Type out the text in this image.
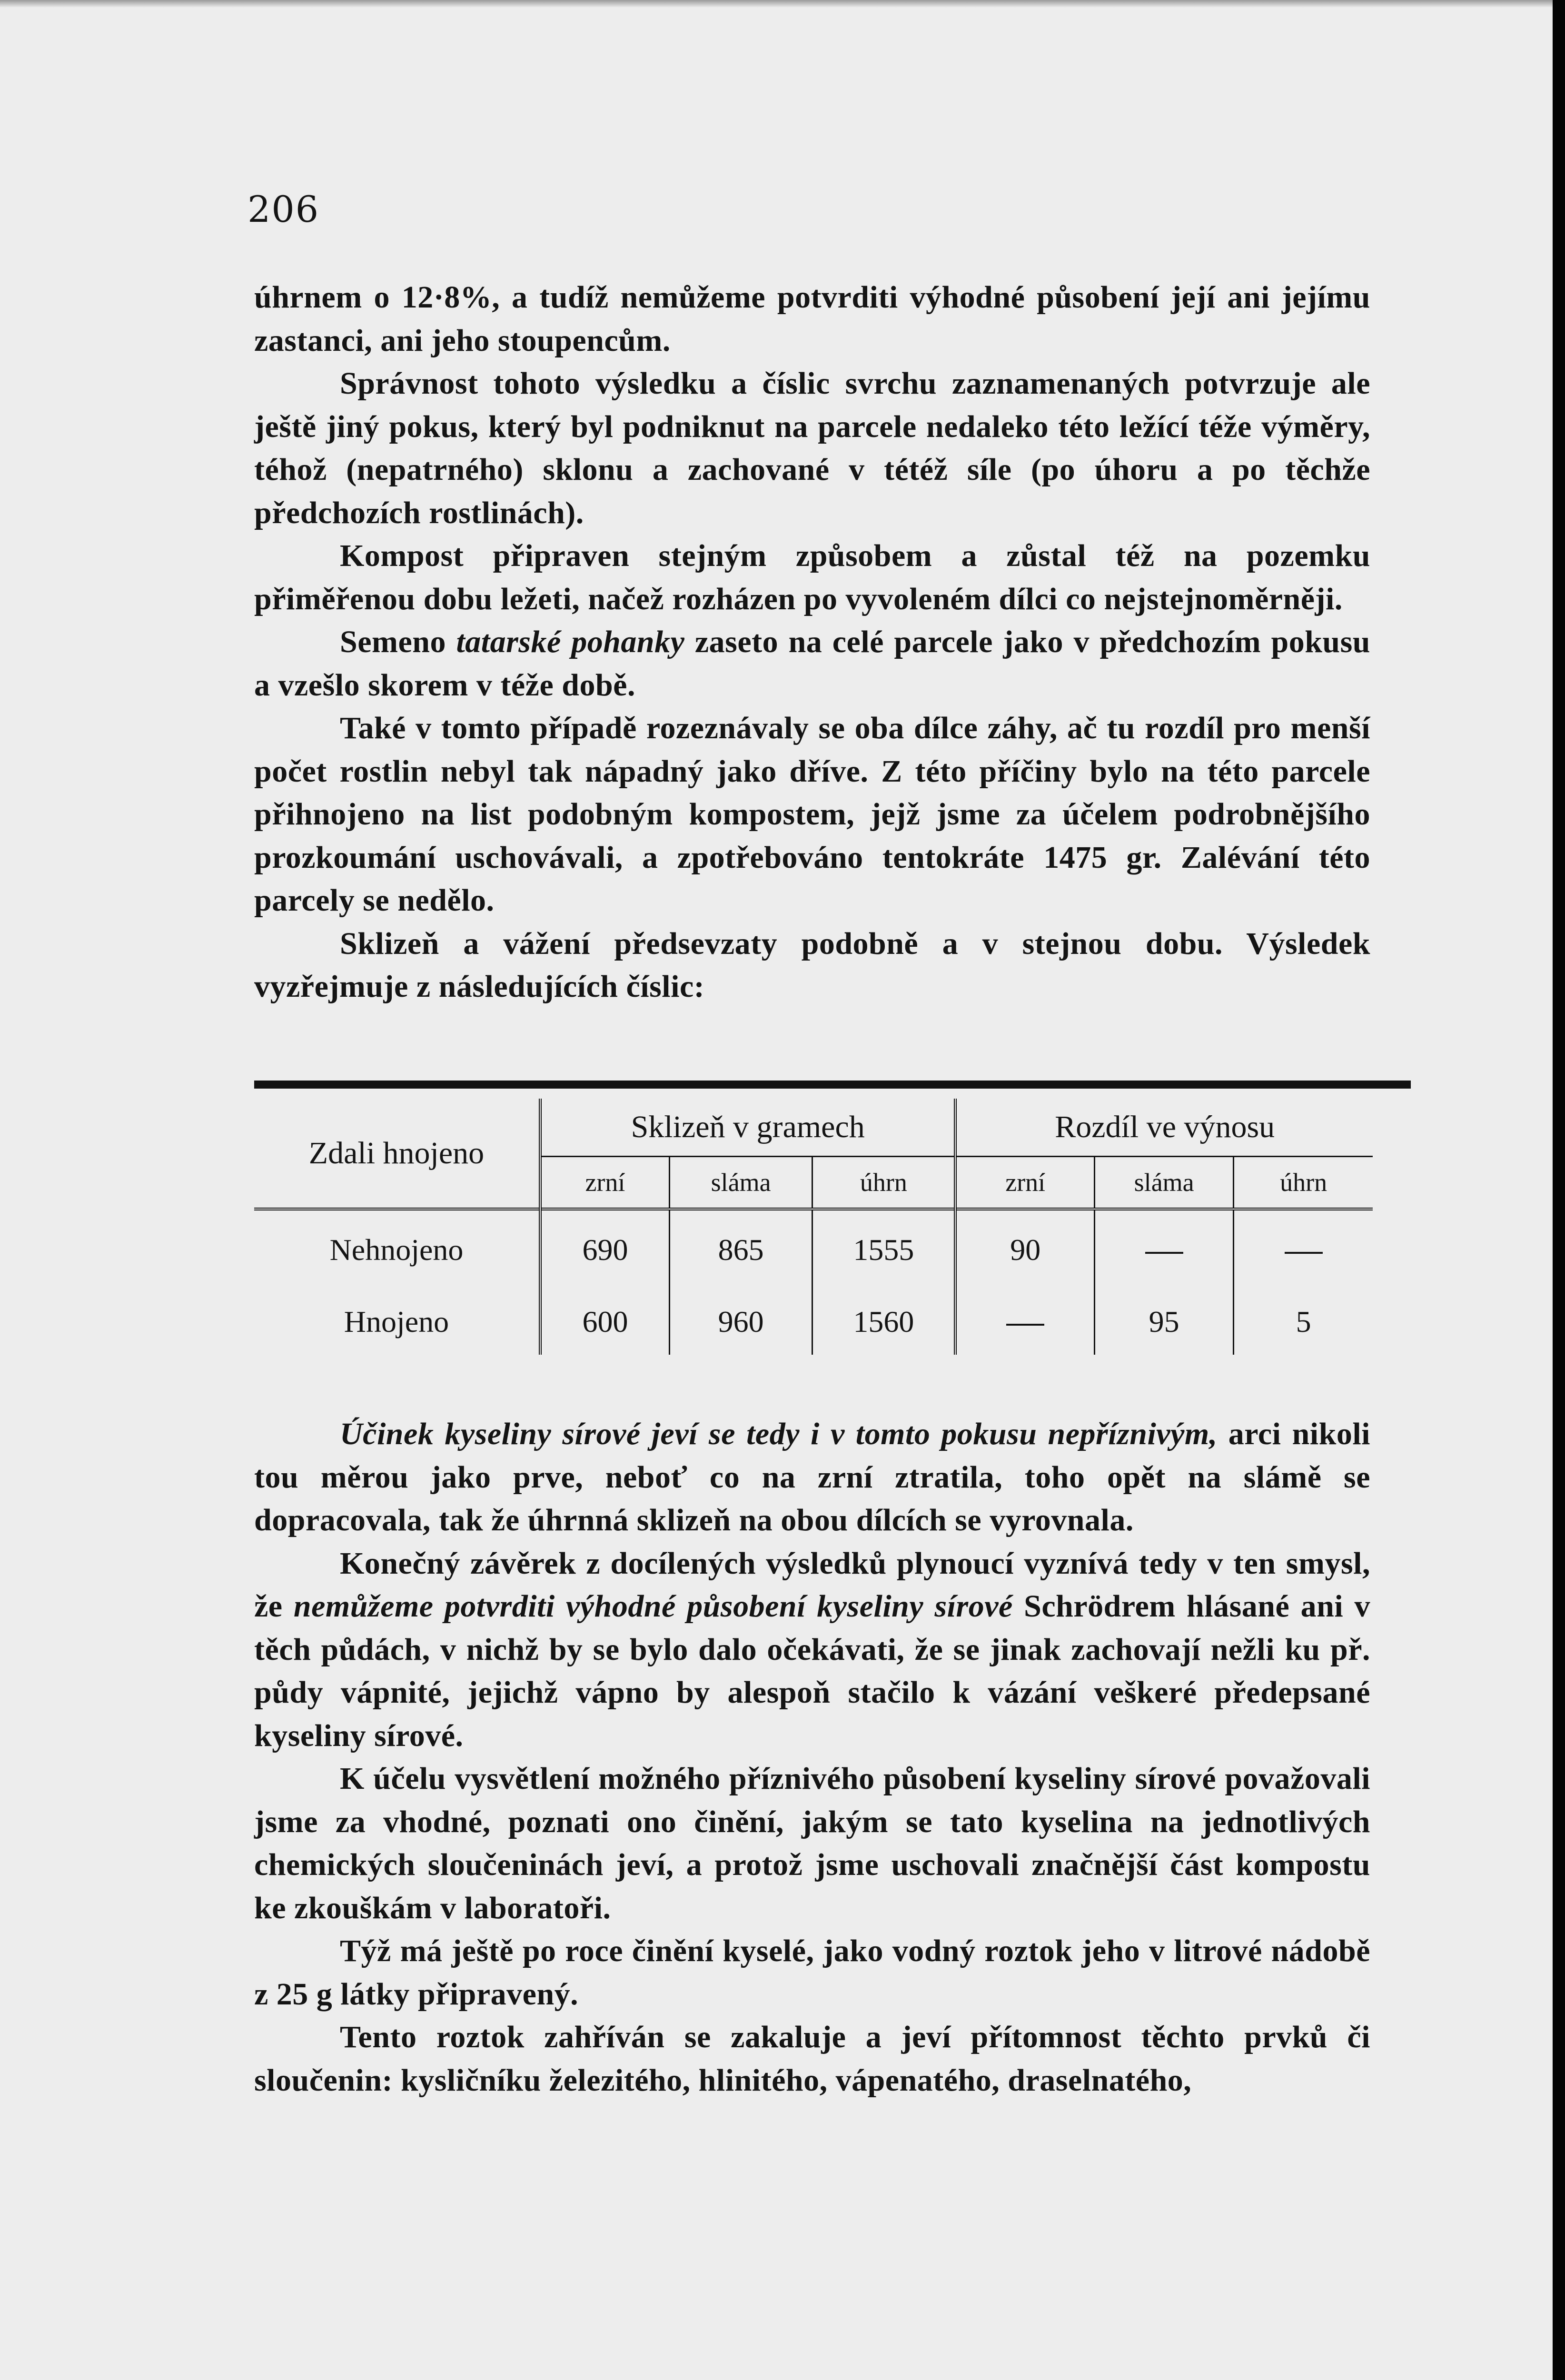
206

úhrnem o 12·8%, a tudíž nemůžeme potvrditi výhodné působení její ani jejímu zastanci, ani jeho stoupencům.

Správnost tohoto výsledku a číslic svrchu zaznamenaných potvrzuje ale ještě jiný pokus, který byl podniknut na parcele nedaleko této ležící téže výměry, téhož (nepatrného) sklonu a zachované v tétéž síle (po úhoru a po těchže předchozích rostlinách).

Kompost připraven stejným způsobem a zůstal též na pozemku přiměřenou dobu ležeti, načež rozházen po vyvoleném dílci co nejstejnoměrněji.

Semeno tatarské pohanky zaseto na celé parcele jako v předchozím pokusu a vzešlo skorem v téže době.

Také v tomto případě rozeznávaly se oba dílce záhy, ač tu rozdíl pro menší počet rostlin nebyl tak nápadný jako dříve. Z této příčiny bylo na této parcele přihnojeno na list podobným kompostem, jejž jsme za účelem podrobnějšího prozkoumání uschovávali, a zpotřebováno tentokráte 1475 gr. Zalévání této parcely se nedělo.

Sklizeň a vážení předsevzaty podobně a v stejnou dobu. Výsledek vyzřejmuje z následujících číslic:

Zdali hnojeno	Sklizeň v gramech			Rozdíl ve výnosu		
	zrní	sláma	úhrn	zrní	sláma	úhrn
Nehnojeno	690	865	1555	90		
Hnojeno	600	960	1560		95	5

Účinek kyseliny sírové jeví se tedy i v tomto pokusu nepříznivým, arci nikoli tou měrou jako prve, neboť co na zrní ztratila, toho opět na slámě se dopracovala, tak že úhrnná sklizeň na obou dílcích se vyrovnala.

Konečný závěrek z docílených výsledků plynoucí vyznívá tedy v ten smysl, že nemůžeme potvrditi výhodné působení kyseliny sírové Schrödrem hlásané ani v těch půdách, v nichž by se bylo dalo očekávati, že se jinak zachovají nežli ku př. půdy vápnité, jejichž vápno by alespoň stačilo k vázání veškeré předepsané kyseliny sírové.

K účelu vysvětlení možného příznivého působení kyseliny sírové považovali jsme za vhodné, poznati ono činění, jakým se tato kyselina na jednotlivých chemických sloučeninách jeví, a protož jsme uschovali značnější část kompostu ke zkouškám v laboratoři.

Týž má ještě po roce činění kyselé, jako vodný roztok jeho v litrové nádobě z 25 g látky připravený.

Tento roztok zahříván se zakaluje a jeví přítomnost těchto prvků či sloučenin: kysličníku železitého, hlinitého, vápenatého, draselnatého,
